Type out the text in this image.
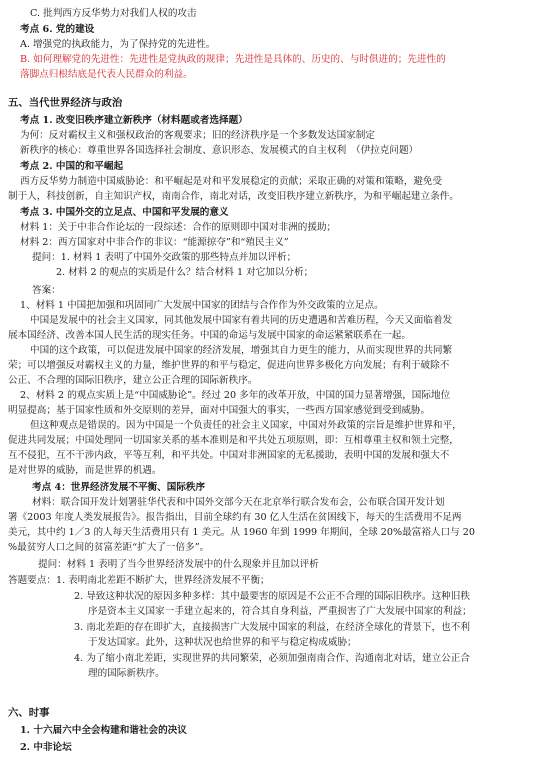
C. 批判西方反华势力对我们人权的攻击
考点 6. 党的建设
A. 增强党的执政能力，为了保持党的先进性。
B. 如何理解党的先进性：先进性是党执政的规律；先进性是具体的、历史的、与时俱进的；先进性的
落脚点归根结底是代表人民群众的利益。
五、当代世界经济与政治
考点 1. 改变旧秩序建立新秩序（材料题或者选择题）
为何：反对霸权主义和强权政治的客观要求；旧的经济秩序是一个多数发达国家制定
新秩序的核心：尊重世界各国选择社会制度、意识形态、发展模式的自主权利　（伊拉克问题）
考点 2. 中国的和平崛起
西方反华势力制造中国威胁论：和平崛起是对和平发展稳定的贡献；采取正确的对策和策略，避免受
制于人，科技创新，自主知识产权，南南合作，南北对话，改变旧秩序建立新秩序，为和平崛起建立条件。
考点 3. 中国外交的立足点、中国和平发展的意义
材料 1：关于中非合作论坛的一段综述：合作的原则即中国对非洲的援助；
材料 2：西方国家对中非合作的非议：“能源掠夺”和“殖民主义”
提问：1. 材料 1 表明了中国外交政策的那些特点并加以评析；
2. 材料 2 的观点的实质是什么？结合材料 1 对它加以分析；
答案：
1、材料 1 中国把加强和巩固同广大发展中国家的团结与合作作为外交政策的立足点。
中国是发展中的社会主义国家，同其他发展中国家有着共同的历史遭遇和苦难历程，今天又面临着发
展本国经济、改善本国人民生活的现实任务。中国的命运与发展中国家的命运紧紧联系在一起。
中国的这个政策，可以促进发展中国家的经济发展，增强其自力更生的能力，从而实现世界的共同繁
荣；可以增强反对霸权主义的力量，维护世界的和平与稳定，促进向世界多极化方向发展；有利于破除不
公正、不合理的国际旧秩序，建立公正合理的国际新秩序。
2、材料 2 的观点实质上是“中国威胁论”。经过 20 多年的改革开放，中国的国力显著增强，国际地位
明显提高；基于国家性质和外交原则的差异，面对中国强大的事实，一些西方国家感觉到受到威胁。
但这种观点是错误的。因为中国是一个负责任的社会主义国家，中国对外政策的宗旨是维护世界和平，
促进共同发展；中国处理同一切国家关系的基本准则是和平共处五项原则，即：互相尊重主权和领土完整，
互不侵犯，互不干涉内政，平等互利，和平共处。中国对非洲国家的无私援助，表明中国的发展和强大不
是对世界的威胁，而是世界的机遇。
考点 4：世界经济发展不平衡、国际秩序
材料：联合国开发计划署驻华代表和中国外交部今天在北京举行联合发布会，公布联合国开发计划
署《2003 年度人类发展报告》。报告指出，目前全球约有 30 亿人生活在贫困线下，每天的生活费用不足两
美元，其中约 1／3 的人每天生活费用只有 1 美元。从 1960 年到 1999 年期间，全球 20%最富裕人口与 20
%最贫穷人口之间的贫富差距“扩大了一倍多”。
提问：材料 1 表明了当今世界经济发展中的什么现象并且加以评析
答题要点：1. 表明南北差距不断扩大，世界经济发展不平衡；
2. 导致这种状况的原因多种多样：其中最要害的原因是不公正不合理的国际旧秩序。这种旧秩
序是资本主义国家一手建立起来的，符合其自身利益，严重损害了广大发展中国家的利益；
3. 南北差距的存在即扩大，直接损害广大发展中国家的利益，在经济全球化的背景下，也不利
于发达国家。此外，这种状况也给世界的和平与稳定构成威胁；
4. 为了缩小南北差距，实现世界的共同繁荣，必须加强南南合作、沟通南北对话，建立公正合
理的国际新秩序。
六、时事
1. 十六届六中全会构建和谐社会的决议
2. 中非论坛
